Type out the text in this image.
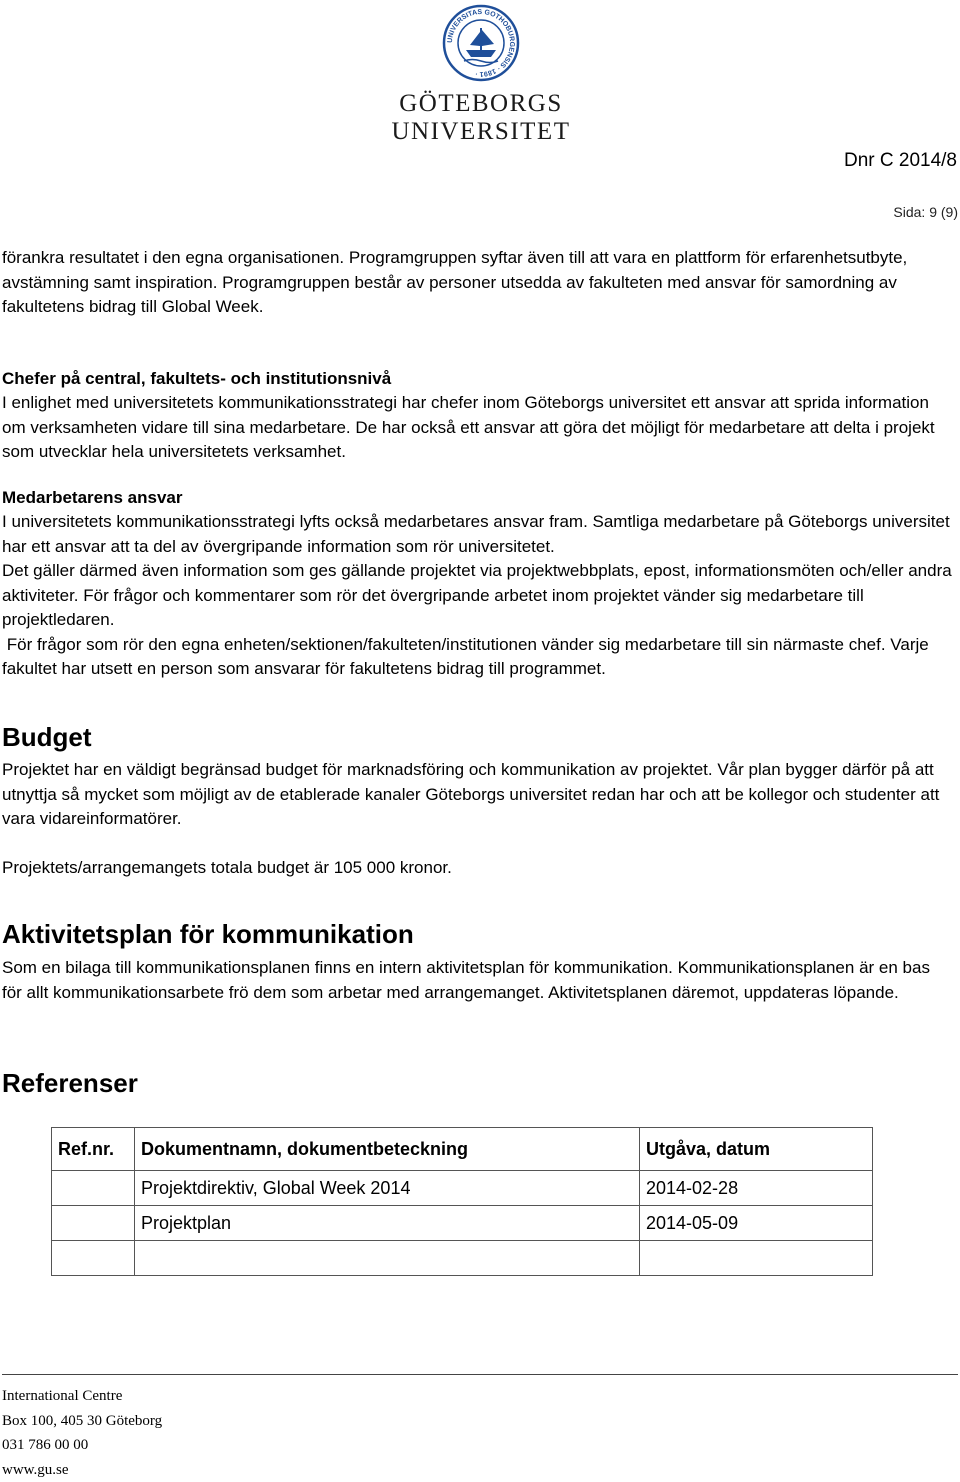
UNIVERSITAS GOTHOBURGENSIS · 1891 ·
GÖTEBORGS UNIVERSITET
Dnr C 2014/8
Sida: 9 (9)

förankra resultatet i den egna organisationen. Programgruppen syftar även till att vara en plattform för erfarenhetsutbyte, avstämning samt inspiration. Programgruppen består av personer utsedda av fakulteten med ansvar för samordning av fakultetens bidrag till Global Week.

Chefer på central, fakultets- och institutionsnivå

I enlighet med universitetets kommunikationsstrategi har chefer inom Göteborgs universitet ett ansvar att sprida information om verksamheten vidare till sina medarbetare. De har också ett ansvar att göra det möjligt för medarbetare att delta i projekt som utvecklar hela universitetets verksamhet.

Medarbetarens ansvar
I universitetets kommunikationsstrategi lyfts också medarbetares ansvar fram. Samtliga medarbetare på Göteborgs universitet har ett ansvar att ta del av övergripande information som rör universitetet.
Det gäller därmed även information som ges gällande projektet via projektwebbplats, epost, informationsmöten och/eller andra aktiviteter. För frågor och kommentarer som rör det övergripande arbetet inom projektet vänder sig medarbetare till projektledaren.
För frågor som rör den egna enheten/sektionen/fakulteten/institutionen vänder sig medarbetare till sin närmaste chef. Varje fakultet har utsett en person som ansvarar för fakultetens bidrag till programmet.
Budget

Projektet har en väldigt begränsad budget för marknadsföring och kommunikation av projektet. Vår plan bygger därför på att utnyttja så mycket som möjligt av de etablerade kanaler Göteborgs universitet redan har och att be kollegor och studenter att vara vidareinformatörer.

Projektets/arrangemangets totala budget är 105 000 kronor.

Aktivitetsplan för kommunikation

Som en bilaga till kommunikationsplanen finns en intern aktivitetsplan för kommunikation. Kommunikationsplanen är en bas för allt kommunikationsarbete frö dem som arbetar med arrangemanget. Aktivitetsplanen däremot, uppdateras löpande.

Referenser
Ref.nr.	Dokumentnamn, dokumentbeteckning	Utgåva, datum
	Projektdirektiv, Global Week 2014	2014-02-28
	Projektplan	2014-05-09

International Centre
Box 100, 405 30 Göteborg
031 786 00 00
www.gu.se
